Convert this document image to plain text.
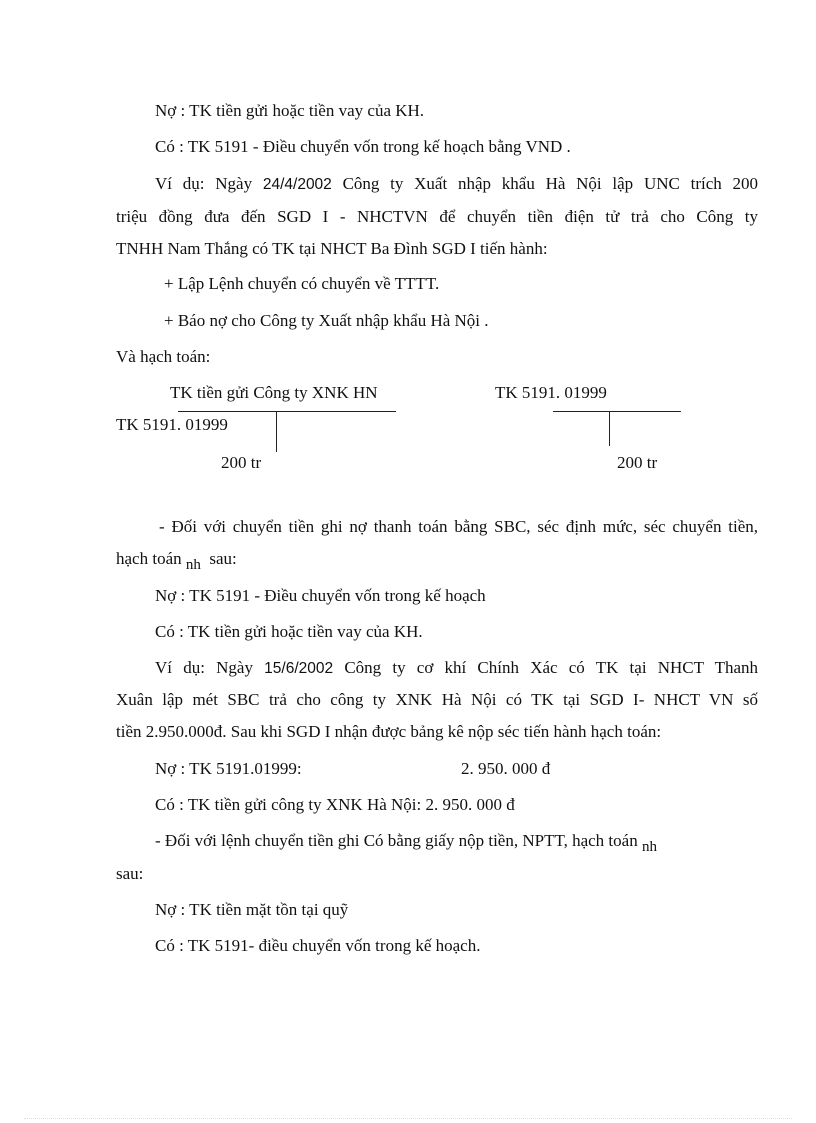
Nợ : TK tiền gửi hoặc tiền vay của KH.
Có : TK 5191 - Điều chuyển vốn trong kế hoạch bằng VND .
Ví dụ: Ngày 24/4/2002 Công ty Xuất nhập khẩu Hà Nội lập UNC trích 200
triệu đồng đưa đến SGD I - NHCTVN để chuyển tiền điện tử trả cho Công ty
TNHH Nam Thắng có TK tại NHCT Ba Đình SGD I tiến hành:
+ Lập Lệnh chuyển có chuyển về TTTT.
+ Báo nợ cho Công ty Xuất nhập khẩu Hà Nội .
Và hạch toán:
TK tiền gửi Công ty XNK HN
TK 5191. 01999
200 tr
TK 5191. 01999
200 tr
- Đối với chuyển tiền ghi nợ thanh toán bằng SBC, séc định mức, séc chuyển tiền,
hạch toán nh sau:
Nợ : TK 5191 - Điều chuyển vốn trong kế hoạch
Có : TK tiền gửi hoặc tiền vay của KH.
Ví dụ: Ngày 15/6/2002 Công ty cơ khí Chính Xác có TK tại NHCT Thanh
Xuân lập mét SBC trả cho công ty XNK Hà Nội có TK tại SGD I- NHCT VN số
tiền 2.950.000đ. Sau khi SGD I nhận được bảng kê nộp séc tiến hành hạch toán:
Nợ : TK 5191.01999:	2. 950. 000 đ
Có : TK tiền gửi công ty XNK Hà Nội: 2. 950. 000 đ
- Đối với lệnh chuyển tiền ghi Có bằng giấy nộp tiền, NPTT, hạch toán nh
sau:
Nợ : TK tiền mặt tồn tại quỹ
Có : TK 5191- điều chuyển vốn trong kế hoạch.
